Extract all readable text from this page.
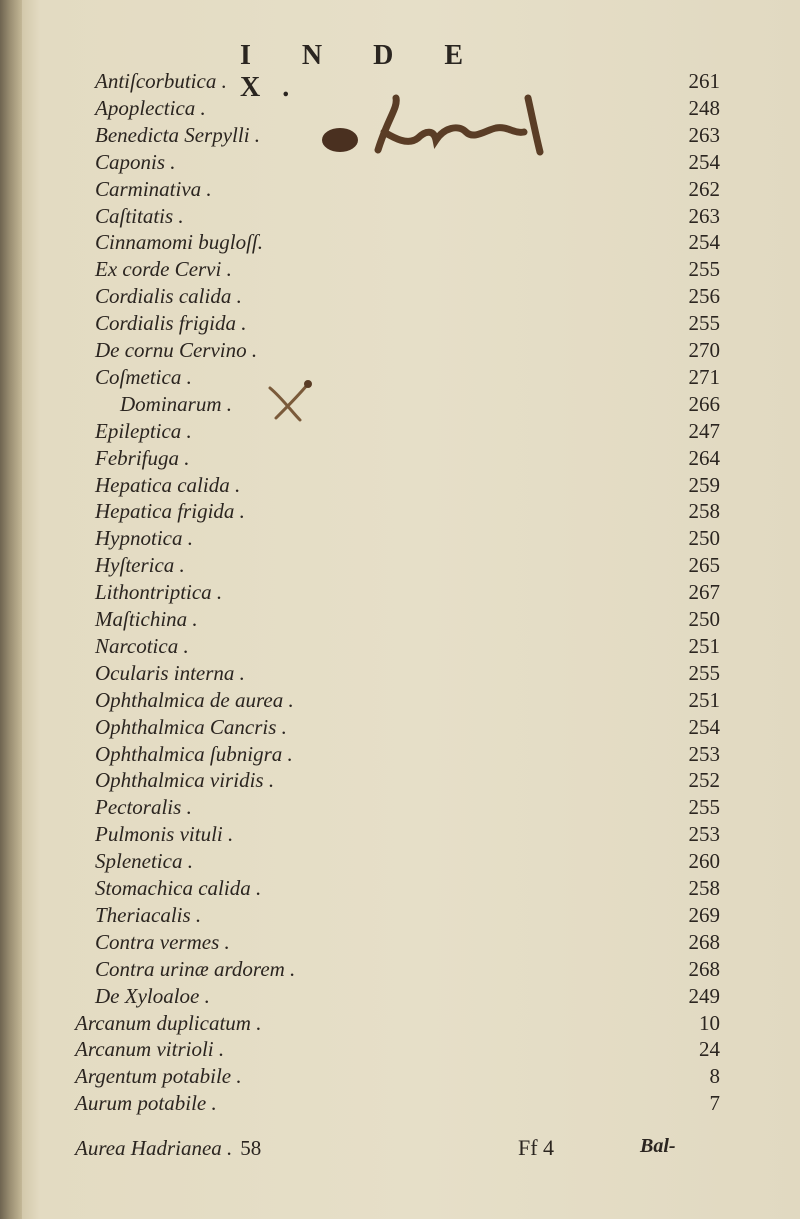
I N D E X.
Antiſcorbutica .	261
Apoplectica .	248
Benedicta Serpylli .	263
Caponis .	254
Carminativa .	262
Caſtitatis .	263
Cinnamomi bugloſſ.	254
Ex corde Cervi .	255
Cordialis calida .	256
Cordialis frigida .	255
De cornu Cervino .	270
Coſmetica .	271
Dominarum .	266
Epileptica .	247
Febrifuga .	264
Hepatica calida .	259
Hepatica frigida .	258
Hypnotica .	250
Hyſterica .	265
Lithontriptica .	267
Maſtichina .	250
Narcotica .	251
Ocularis interna .	255
Ophthalmica de aurea .	251
Ophthalmica Cancris .	254
Ophthalmica ſubnigra .	253
Ophthalmica viridis .	252
Pectoralis .	255
Pulmonis vituli .	253
Splenetica .	260
Stomachica calida .	258
Theriacalis .	269
Contra vermes .	268
Contra urinæ ardorem .	268
De Xyloaloe .	249
Arcanum duplicatum .	10
Arcanum vitrioli .	24
Argentum potabile .	8
Aurum potabile .	7
Aurea Hadrianea . 58	Ff 4	Bal-
